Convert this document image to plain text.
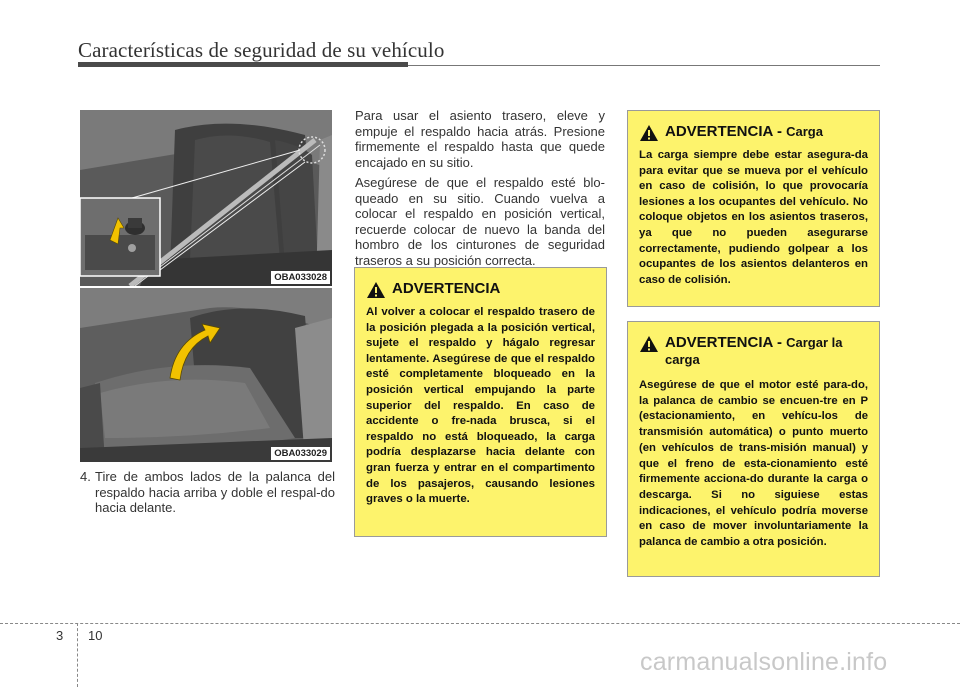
Características de seguridad de su vehículo
OBA033028
OBA033029
4. Tire de ambos lados de la palanca del respaldo hacia arriba y doble el respal-do hacia delante.

Para usar el asiento trasero, eleve y empuje el respaldo hacia atrás. Presione firmemente el respaldo hasta que quede encajado en su sitio.

Asegúrese de que el respaldo esté blo-queado en su sitio. Cuando vuelva a colocar el respaldo en posición vertical, recuerde colocar de nuevo la banda del hombro de los cinturones de seguridad traseros a su posición correcta.

ADVERTENCIA

Al volver a colocar el respaldo trasero de la posición plegada a la posición vertical, sujete el respaldo y hágalo regresar lentamente. Asegúrese de que el respaldo esté completamente bloqueado en la posición vertical empujando la parte superior del respaldo. En caso de accidente o fre-nada brusca, si el respaldo no está bloqueado, la carga podría desplazarse hacia delante con gran fuerza y entrar en el compartimento de los pasajeros, causando lesiones graves o la muerte.

ADVERTENCIA - Carga

La carga siempre debe estar asegura-da para evitar que se mueva por el vehículo en caso de colisión, lo que provocaría lesiones a los ocupantes del vehículo. No coloque objetos en los asientos traseros, ya que no pueden asegurarse correctamente, pudiendo golpear a los ocupantes de los asientos delanteros en caso de colisión.

ADVERTENCIA - Cargar la carga

Asegúrese de que el motor esté para-do, la palanca de cambio se encuen-tre en P (estacionamiento, en vehícu-los de transmisión automática) o punto muerto (en vehículos de trans-misión manual) y que el freno de esta-cionamiento esté firmemente acciona-do durante la carga o descarga. Si no siguiese estas indicaciones, el vehículo podría moverse en caso de mover involuntariamente la palanca de cambio a otra posición.

3 10
carmanualsonline.info
